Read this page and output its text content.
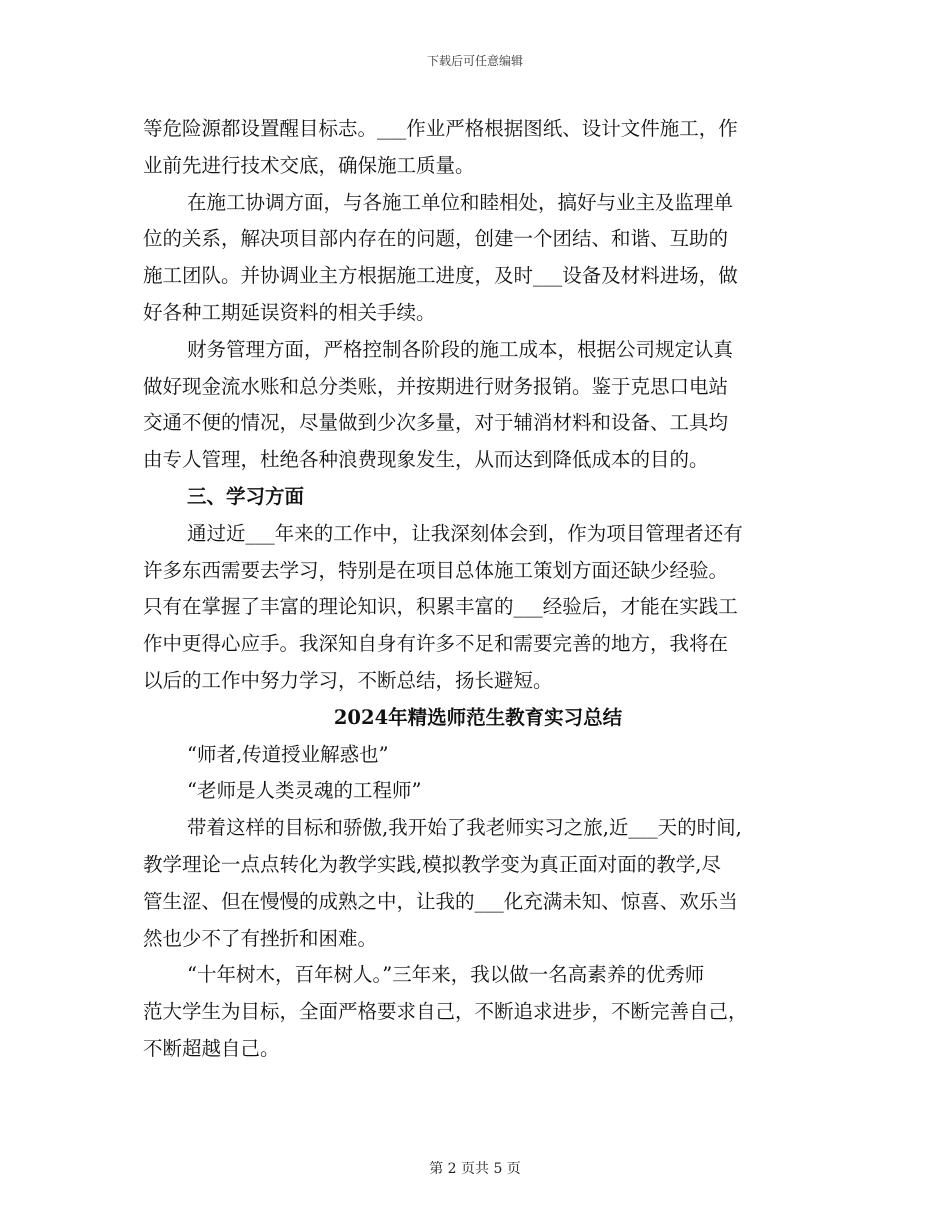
下载后可任意编辑
等危险源都设置醒目标志。___作业严格根据图纸、设计文件施工，作
业前先进行技术交底，确保施工质量。
在施工协调方面，与各施工单位和睦相处，搞好与业主及监理单
位的关系，解决项目部内存在的问题，创建一个团结、和谐、互助的
施工团队。并协调业主方根据施工进度，及时___设备及材料进场，做
好各种工期延误资料的相关手续。
财务管理方面，严格控制各阶段的施工成本，根据公司规定认真
做好现金流水账和总分类账，并按期进行财务报销。鉴于克思口电站
交通不便的情况，尽量做到少次多量，对于辅消材料和设备、工具均
由专人管理，杜绝各种浪费现象发生，从而达到降低成本的目的。
三、学习方面
通过近___年来的工作中，让我深刻体会到，作为项目管理者还有
许多东西需要去学习，特别是在项目总体施工策划方面还缺少经验。
只有在掌握了丰富的理论知识，积累丰富的___经验后，才能在实践工
作中更得心应手。我深知自身有许多不足和需要完善的地方，我将在
以后的工作中努力学习，不断总结，扬长避短。
2024年精选师范生教育实习总结
“师者,传道授业解惑也”
“老师是人类灵魂的工程师”
带着这样的目标和骄傲,我开始了我老师实习之旅,近___天的时间,
教学理论一点点转化为教学实践,模拟教学变为真正面对面的教学,尽
管生涩、但在慢慢的成熟之中，让我的___化充满未知、惊喜、欢乐当
然也少不了有挫折和困难。
“十年树木，百年树人。”三年来，我以做一名高素养的优秀师
范大学生为目标，全面严格要求自己，不断追求进步，不断完善自己，
不断超越自己。
第 2 页共 5 页
